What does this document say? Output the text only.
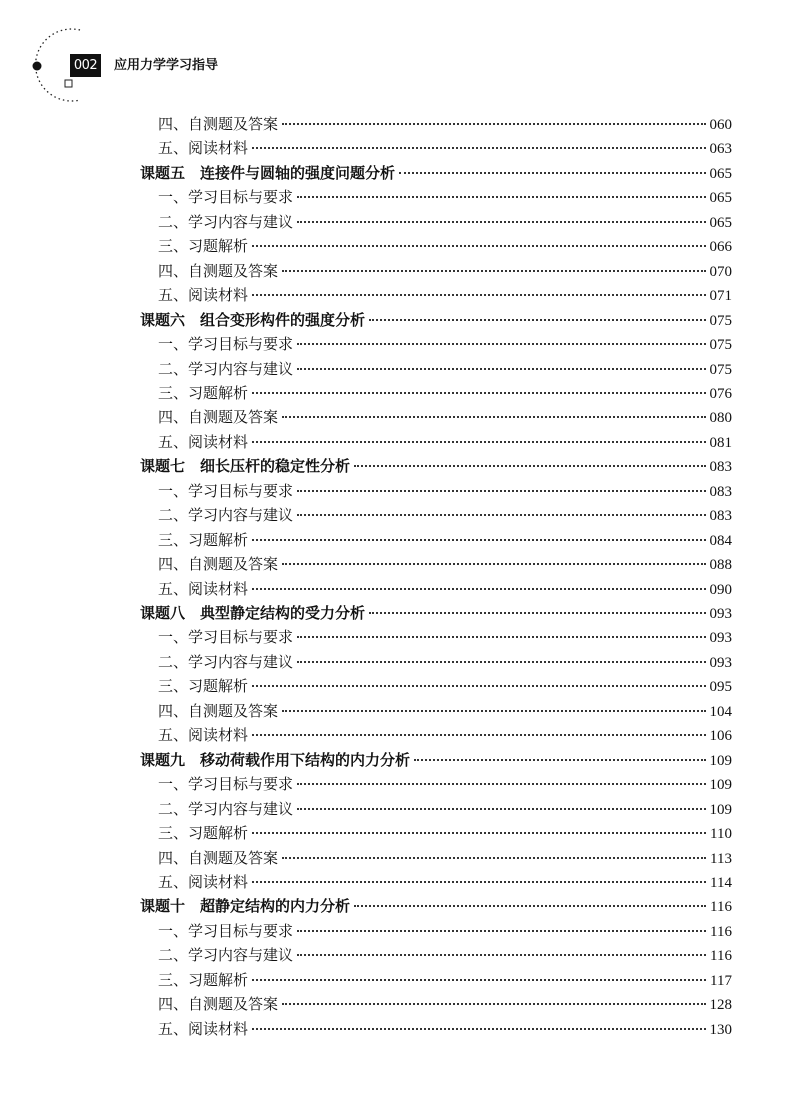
002 应用力学学习指导
四、自测题及答案	060
五、阅读材料	063
课题五　连接件与圆轴的强度问题分析	065
一、学习目标与要求	065
二、学习内容与建议	065
三、习题解析	066
四、自测题及答案	070
五、阅读材料	071
课题六　组合变形构件的强度分析	075
一、学习目标与要求	075
二、学习内容与建议	075
三、习题解析	076
四、自测题及答案	080
五、阅读材料	081
课题七　细长压杆的稳定性分析	083
一、学习目标与要求	083
二、学习内容与建议	083
三、习题解析	084
四、自测题及答案	088
五、阅读材料	090
课题八　典型静定结构的受力分析	093
一、学习目标与要求	093
二、学习内容与建议	093
三、习题解析	095
四、自测题及答案	104
五、阅读材料	106
课题九　移动荷载作用下结构的内力分析	109
一、学习目标与要求	109
二、学习内容与建议	109
三、习题解析	110
四、自测题及答案	113
五、阅读材料	114
课题十　超静定结构的内力分析	116
一、学习目标与要求	116
二、学习内容与建议	116
三、习题解析	117
四、自测题及答案	128
五、阅读材料	130
